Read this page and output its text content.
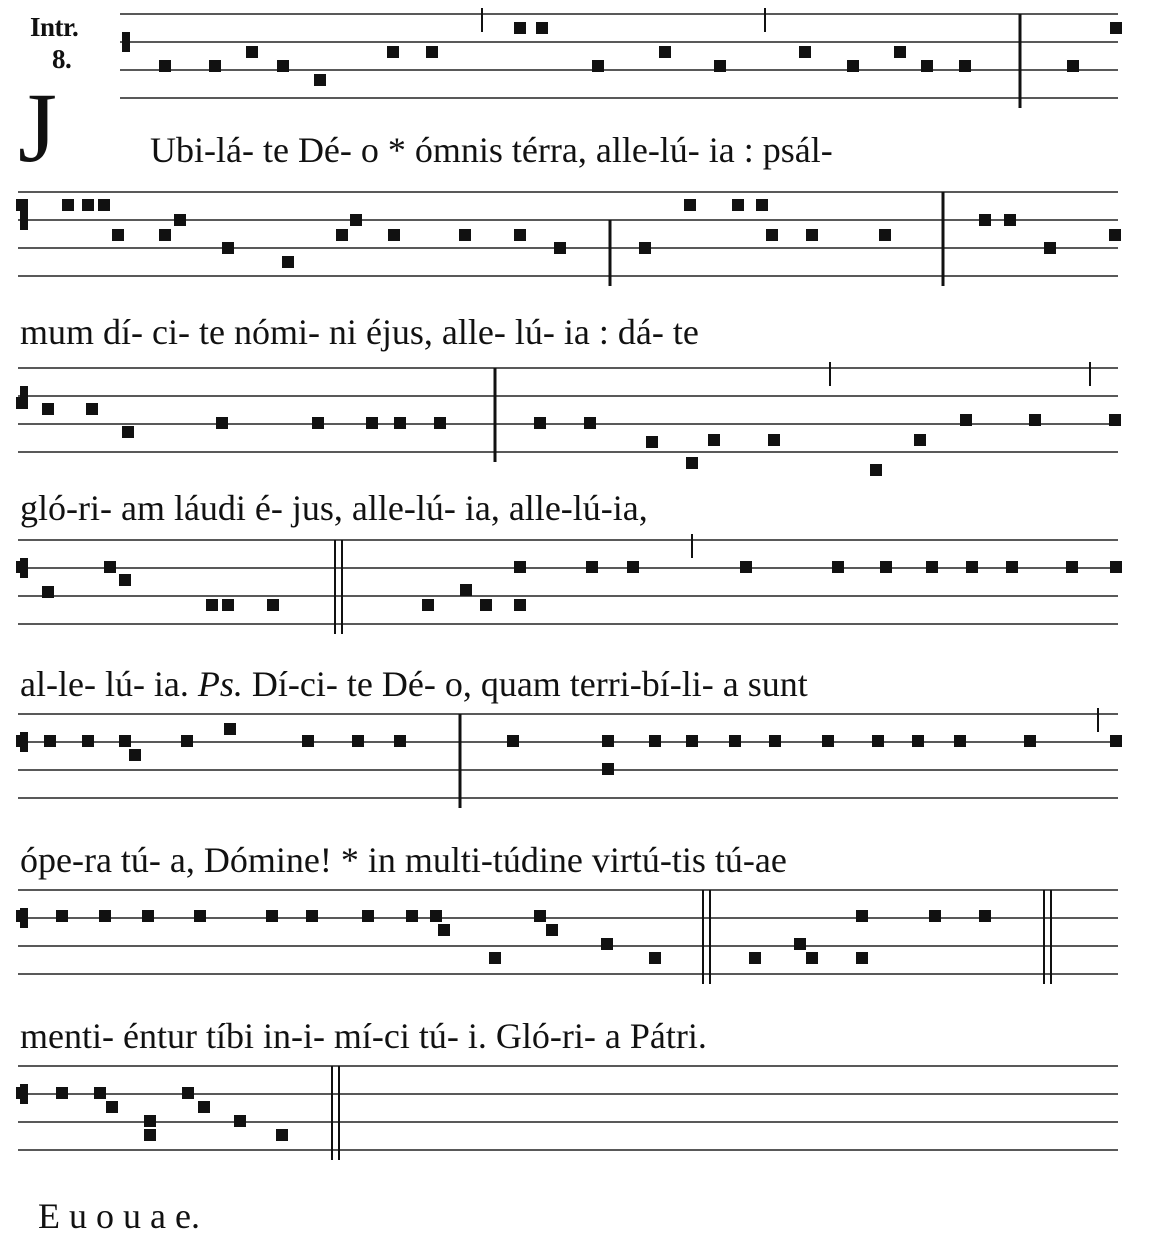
Intr.
8.
J	Ubi-lá- te Dé- o * ómnis térra, alle-lú- ia : psál-
mum dí- ci- te nómi- ni éjus, alle- lú- ia : dá- te
gló-ri- am láudi é- jus, alle-lú- ia, alle-lú-ia,
al-le- lú- ia. Ps. Dí-ci- te Dé- o, quam terri-bí-li- a sunt
ópe-ra tú- a, Dómine! * in multi-túdine virtú-tis tú-ae
menti- éntur tíbi in-i- mí-ci tú- i. Gló-ri- a Pátri.
E u o u a e.
